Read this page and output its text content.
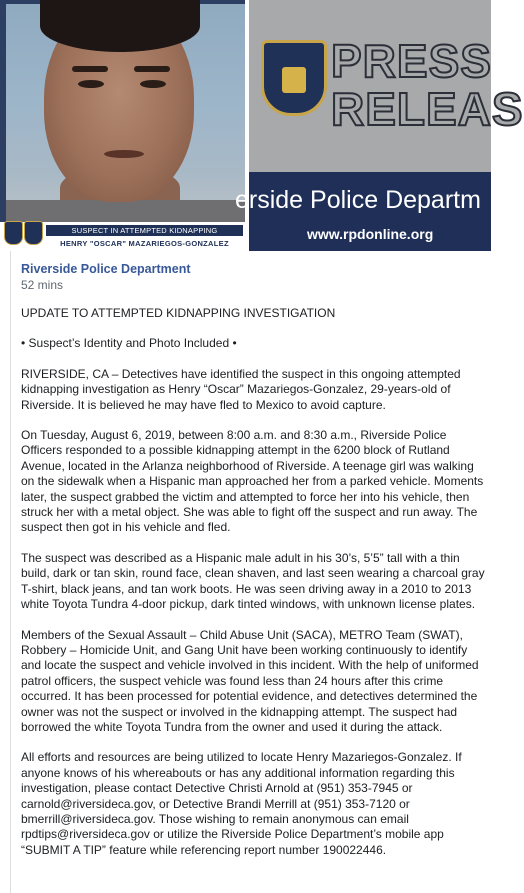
SUSPECT IN ATTEMPTED KIDNAPPING
HENRY "OSCAR" MAZARIEGOS-GONZALEZ

PRESS
RELEAS
erside Police Departm
www.rpdonline.org
Riverside Police Department
52 mins

UPDATE TO ATTEMPTED KIDNAPPING INVESTIGATION

• Suspect’s Identity and Photo Included •

RIVERSIDE, CA – Detectives have identified the suspect in this ongoing attempted kidnapping investigation as Henry “Oscar” Mazariegos-Gonzalez, 29-years-old of Riverside. It is believed he may have fled to Mexico to avoid capture.

On Tuesday, August 6, 2019, between 8:00 a.m. and 8:30 a.m., Riverside Police Officers responded to a possible kidnapping attempt in the 6200 block of Rutland Avenue, located in the Arlanza neighborhood of Riverside. A teenage girl was walking on the sidewalk when a Hispanic man approached her from a parked vehicle. Moments later, the suspect grabbed the victim and attempted to force her into his vehicle, then struck her with a metal object. She was able to fight off the suspect and run away. The suspect then got in his vehicle and fled.

The suspect was described as a Hispanic male adult in his 30’s, 5’5” tall with a thin build, dark or tan skin, round face, clean shaven, and last seen wearing a charcoal gray T-shirt, black jeans, and tan work boots. He was seen driving away in a 2010 to 2013 white Toyota Tundra 4-door pickup, dark tinted windows, with unknown license plates.

Members of the Sexual Assault – Child Abuse Unit (SACA), METRO Team (SWAT), Robbery – Homicide Unit, and Gang Unit have been working continuously to identify and locate the suspect and vehicle involved in this incident. With the help of uniformed patrol officers, the suspect vehicle was found less than 24 hours after this crime occurred. It has been processed for potential evidence, and detectives determined the owner was not the suspect or involved in the kidnapping attempt. The suspect had borrowed the white Toyota Tundra from the owner and used it during the attack.

All efforts and resources are being utilized to locate Henry Mazariegos-Gonzalez. If anyone knows of his whereabouts or has any additional information regarding this investigation, please contact Detective Christi Arnold at (951) 353-7945 or carnold@riversideca.gov, or Detective Brandi Merrill at (951) 353-7120 or bmerrill@riversideca.gov. Those wishing to remain anonymous can email rpdtips@riversideca.gov or utilize the Riverside Police Department’s mobile app “SUBMIT A TIP” feature while referencing report number 190022446.
